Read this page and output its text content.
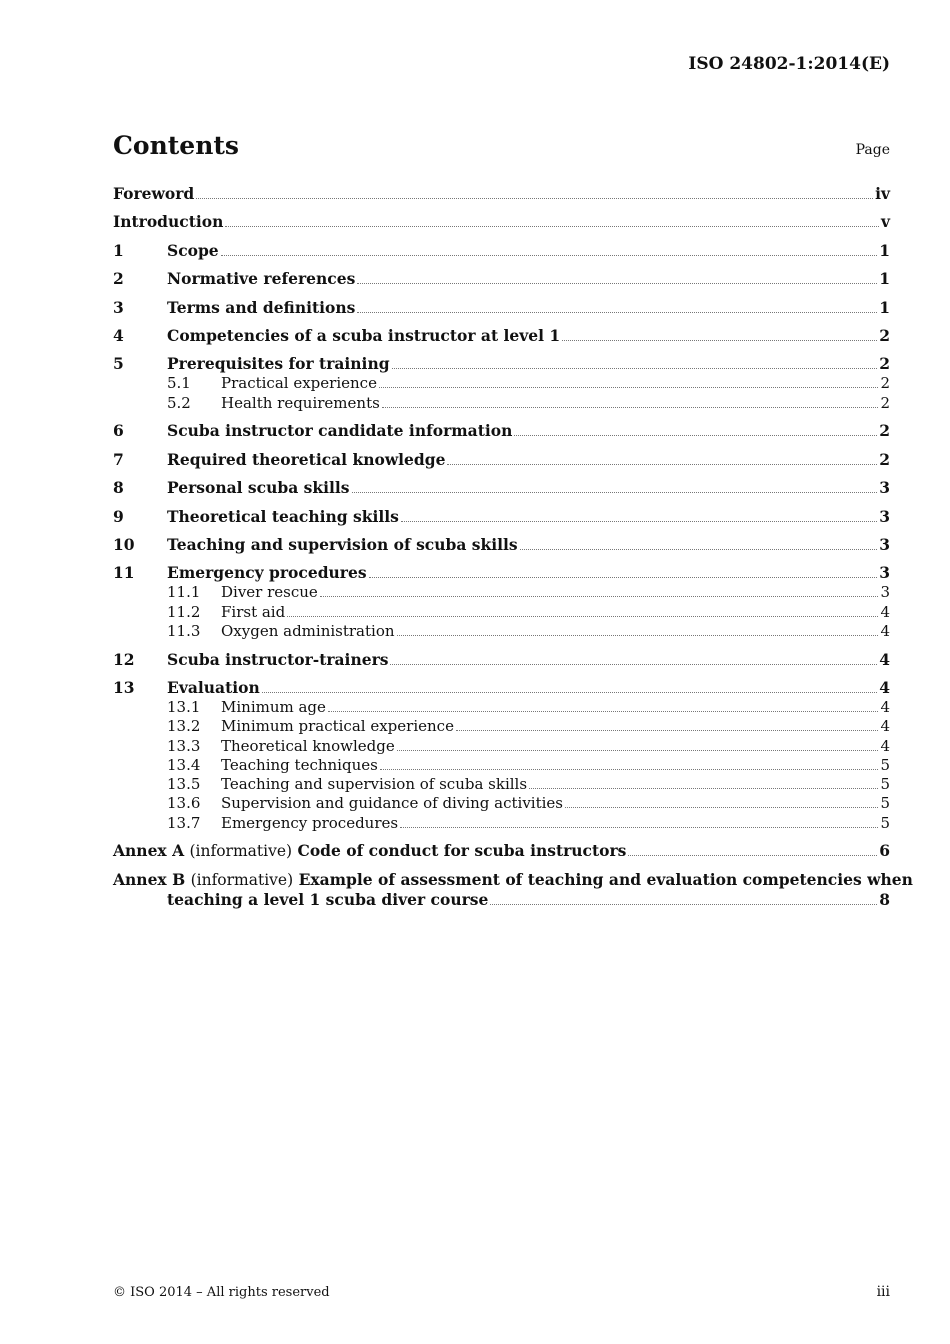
ISO 24802-1:2014(E)
Contents	Page
Foreword	iv
Introduction	v
1	Scope	1
2	Normative references	1
3	Terms and definitions	1
4	Competencies of a scuba instructor at level 1	2
5	Prerequisites for training	2
5.1	Practical experience	2
5.2	Health requirements	2
6	Scuba instructor candidate information	2
7	Required theoretical knowledge	2
8	Personal scuba skills	3
9	Theoretical teaching skills	3
10	Teaching and supervision of scuba skills	3
11	Emergency procedures	3
11.1	Diver rescue	3
11.2	First aid	4
11.3	Oxygen administration	4
12	Scuba instructor-trainers	4
13	Evaluation	4
13.1	Minimum age	4
13.2	Minimum practical experience	4
13.3	Theoretical knowledge	4
13.4	Teaching techniques	5
13.5	Teaching and supervision of scuba skills	5
13.6	Supervision and guidance of diving activities	5
13.7	Emergency procedures	5
Annex A (informative) Code of conduct for scuba instructors	6
Annex B (informative) Example of assessment of teaching and evaluation competencies when
teaching a level 1 scuba diver course	8
© ISO 2014 – All rights reserved	iii
